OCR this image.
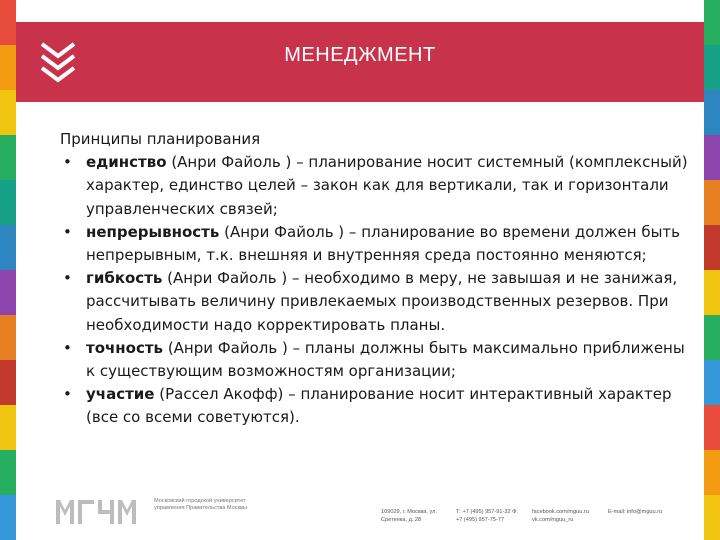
МЕНЕДЖМЕНТ
Принципы планирования
• единство (Анри Файоль ) – планирование носит системный (комплексный) характер, единство целей – закон как для вертикали, так и горизонтали управленческих связей;
• непрерывность (Анри Файоль ) – планирование во времени должен быть непрерывным, т.к. внешняя и внутренняя среда постоянно меняются;
• гибкость (Анри Файоль ) – необходимо в меру, не завышая и не занижая, рассчитывать величину привлекаемых производственных резервов. При необходимости надо корректировать планы.
• точность (Анри Файоль ) – планы должны быть максимально приближены к существующим возможностям организации;
• участие (Рассел Акофф) – планирование носит интерактивный характер (все со всеми советуются).
Московский городской университет управления Правительства Москвы
109029, г. Москва, ул. Сретенка, д. 28
Т: +7 (495) 957-91-32 Ф: +7 (495) 957-75-77
facebook.com/mguu.ru vk.com/mguu_ru
E-mail: info@mguu.ru
